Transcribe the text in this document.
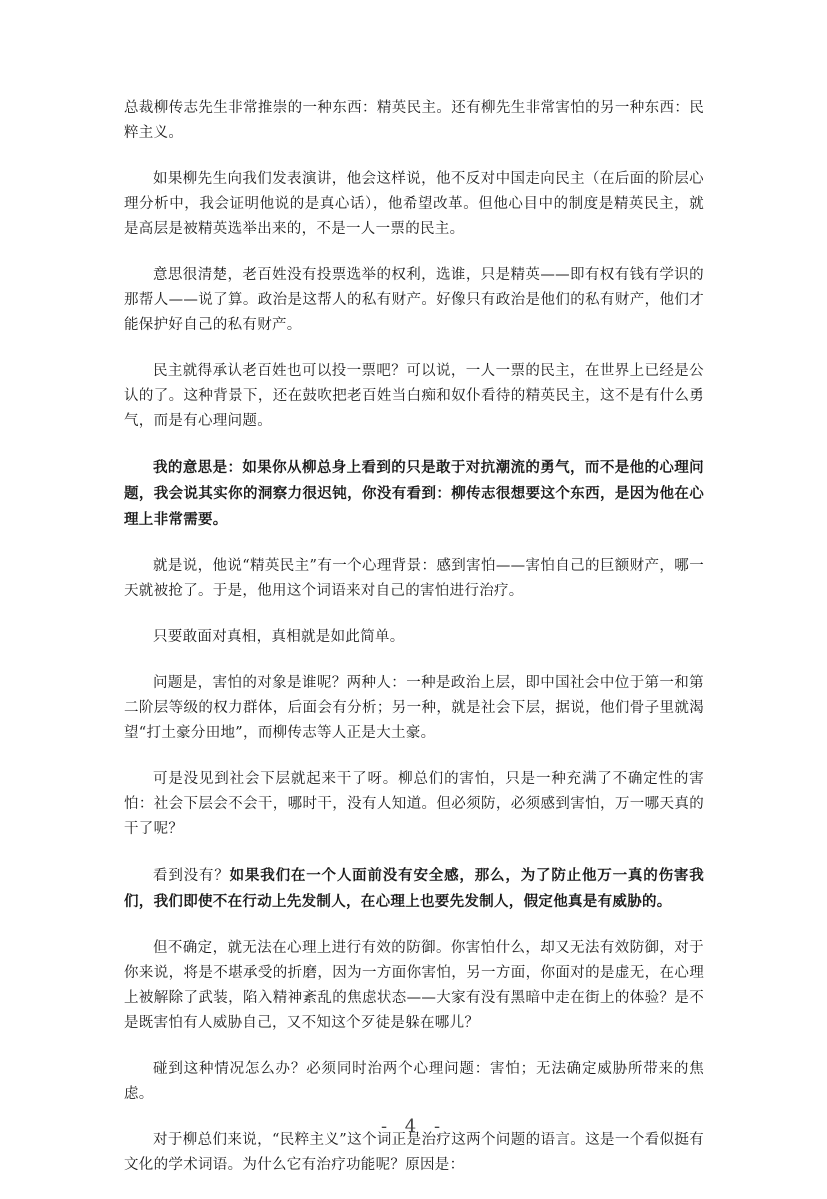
总裁柳传志先生非常推崇的一种东西：精英民主。还有柳先生非常害怕的另一种东西：民粹主义。

如果柳先生向我们发表演讲，他会这样说，他不反对中国走向民主（在后面的阶层心理分析中，我会证明他说的是真心话），他希望改革。但他心目中的制度是精英民主，就是高层是被精英选举出来的，不是一人一票的民主。

意思很清楚，老百姓没有投票选举的权利，选谁，只是精英——即有权有钱有学识的那帮人——说了算。政治是这帮人的私有财产。好像只有政治是他们的私有财产，他们才能保护好自己的私有财产。

民主就得承认老百姓也可以投一票吧？可以说，一人一票的民主，在世界上已经是公认的了。这种背景下，还在鼓吹把老百姓当白痴和奴仆看待的精英民主，这不是有什么勇气，而是有心理问题。

我的意思是：如果你从柳总身上看到的只是敢于对抗潮流的勇气，而不是他的心理问题，我会说其实你的洞察力很迟钝，你没有看到：柳传志很想要这个东西，是因为他在心理上非常需要。

就是说，他说“精英民主”有一个心理背景：感到害怕——害怕自己的巨额财产，哪一天就被抢了。于是，他用这个词语来对自己的害怕进行治疗。

只要敢面对真相，真相就是如此简单。

问题是，害怕的对象是谁呢？两种人：一种是政治上层，即中国社会中位于第一和第二阶层等级的权力群体，后面会有分析；另一种，就是社会下层，据说，他们骨子里就渴望“打土豪分田地”，而柳传志等人正是大土豪。

可是没见到社会下层就起来干了呀。柳总们的害怕，只是一种充满了不确定性的害怕：社会下层会不会干，哪时干，没有人知道。但必须防，必须感到害怕，万一哪天真的干了呢？

看到没有？如果我们在一个人面前没有安全感，那么，为了防止他万一真的伤害我们，我们即使不在行动上先发制人，在心理上也要先发制人，假定他真是有威胁的。

但不确定，就无法在心理上进行有效的防御。你害怕什么，却又无法有效防御，对于你来说，将是不堪承受的折磨，因为一方面你害怕，另一方面，你面对的是虚无，在心理上被解除了武装，陷入精神紊乱的焦虑状态——大家有没有黑暗中走在街上的体验？是不是既害怕有人威胁自己，又不知这个歹徒是躲在哪儿？

碰到这种情况怎么办？必须同时治两个心理问题：害怕；无法确定威胁所带来的焦虑。

对于柳总们来说，“民粹主义”这个词正是治疗这两个问题的语言。这是一个看似挺有文化的学术词语。为什么它有治疗功能呢？原因是：

- 4 -
